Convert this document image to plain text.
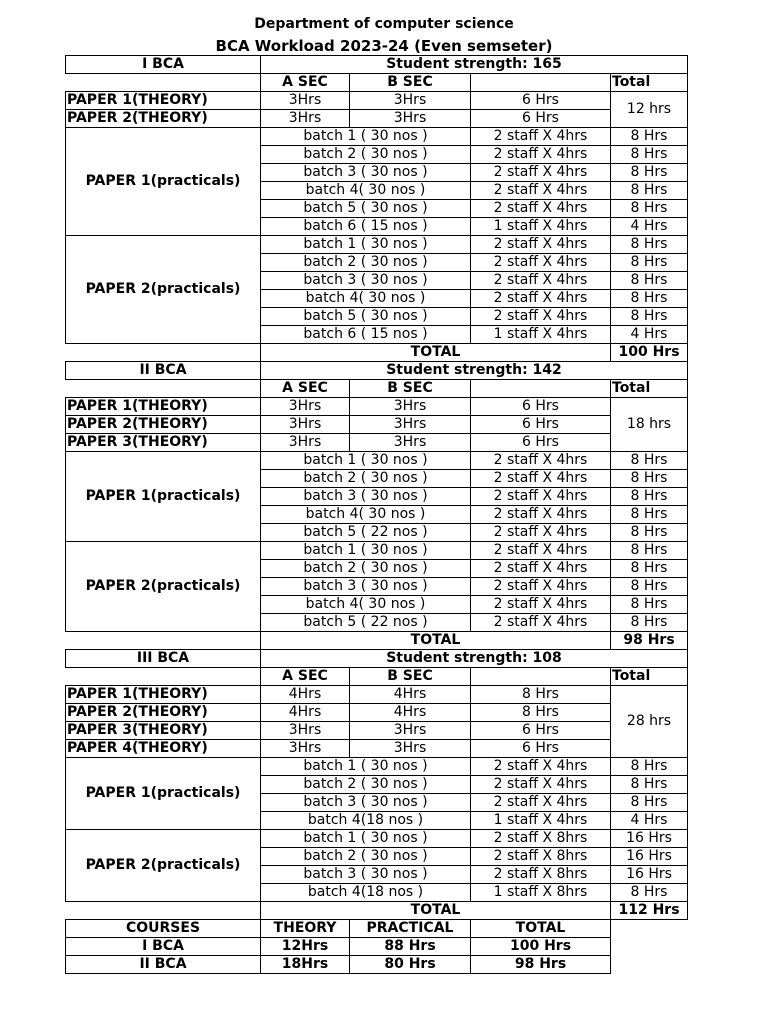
Department of computer science
BCA Workload 2023-24 (Even semseter)
I BCA	Student strength: 165			
	A SEC	B SEC		Total
PAPER 1(THEORY)	3Hrs	3Hrs	6 Hrs	12 hrs
PAPER 2(THEORY)	3Hrs	3Hrs	6 Hrs	
PAPER 1(practicals)	batch 1 ( 30 nos )		2 staff X 4hrs	8 Hrs
	batch 2 ( 30 nos )		2 staff X 4hrs	8 Hrs
	batch 3 ( 30 nos )		2 staff X 4hrs	8 Hrs
	batch 4( 30 nos )		2 staff X 4hrs	8 Hrs
	batch 5 ( 30 nos )		2 staff X 4hrs	8 Hrs
	batch 6 ( 15 nos )		1 staff X 4hrs	4 Hrs
PAPER 2(practicals)	batch 1 ( 30 nos )		2 staff X 4hrs	8 Hrs
	batch 2 ( 30 nos )		2 staff X 4hrs	8 Hrs
	batch 3 ( 30 nos )		2 staff X 4hrs	8 Hrs
	batch 4( 30 nos )		2 staff X 4hrs	8 Hrs
	batch 5 ( 30 nos )		2 staff X 4hrs	8 Hrs
	batch 6 ( 15 nos )		1 staff X 4hrs	4 Hrs
	TOTAL			100 Hrs
II BCA	Student strength: 142			
	A SEC	B SEC		Total
PAPER 1(THEORY)	3Hrs	3Hrs	6 Hrs	18 hrs
PAPER 2(THEORY)	3Hrs	3Hrs	6 Hrs	
PAPER 3(THEORY)	3Hrs	3Hrs	6 Hrs	
PAPER 1(practicals)	batch 1 ( 30 nos )		2 staff X 4hrs	8 Hrs
	batch 2 ( 30 nos )		2 staff X 4hrs	8 Hrs
	batch 3 ( 30 nos )		2 staff X 4hrs	8 Hrs
	batch 4( 30 nos )		2 staff X 4hrs	8 Hrs
	batch 5 ( 22 nos )		2 staff X 4hrs	8 Hrs
PAPER 2(practicals)	batch 1 ( 30 nos )		2 staff X 4hrs	8 Hrs
	batch 2 ( 30 nos )		2 staff X 4hrs	8 Hrs
	batch 3 ( 30 nos )		2 staff X 4hrs	8 Hrs
	batch 4( 30 nos )		2 staff X 4hrs	8 Hrs
	batch 5 ( 22 nos )		2 staff X 4hrs	8 Hrs
	TOTAL			98 Hrs
III BCA	Student strength: 108			
	A SEC	B SEC		Total
PAPER 1(THEORY)	4Hrs	4Hrs	8 Hrs	28 hrs
PAPER 2(THEORY)	4Hrs	4Hrs	8 Hrs	
PAPER 3(THEORY)	3Hrs	3Hrs	6 Hrs	
PAPER 4(THEORY)	3Hrs	3Hrs	6 Hrs	
PAPER 1(practicals)	batch 1 ( 30 nos )		2 staff X 4hrs	8 Hrs
	batch 2 ( 30 nos )		2 staff X 4hrs	8 Hrs
	batch 3 ( 30 nos )		2 staff X 4hrs	8 Hrs
	batch 4(18 nos )		1 staff X 4hrs	4 Hrs
PAPER 2(practicals)	batch 1 ( 30 nos )		2 staff X 8hrs	16 Hrs
	batch 2 ( 30 nos )		2 staff X 8hrs	16 Hrs
	batch 3 ( 30 nos )		2 staff X 8hrs	16 Hrs
	batch 4(18 nos )		1 staff X 8hrs	8 Hrs
	TOTAL			112 Hrs
COURSES	THEORY	PRACTICAL	TOTAL	
I BCA	12Hrs	88 Hrs	100 Hrs	
II BCA	18Hrs	80 Hrs	98 Hrs	
